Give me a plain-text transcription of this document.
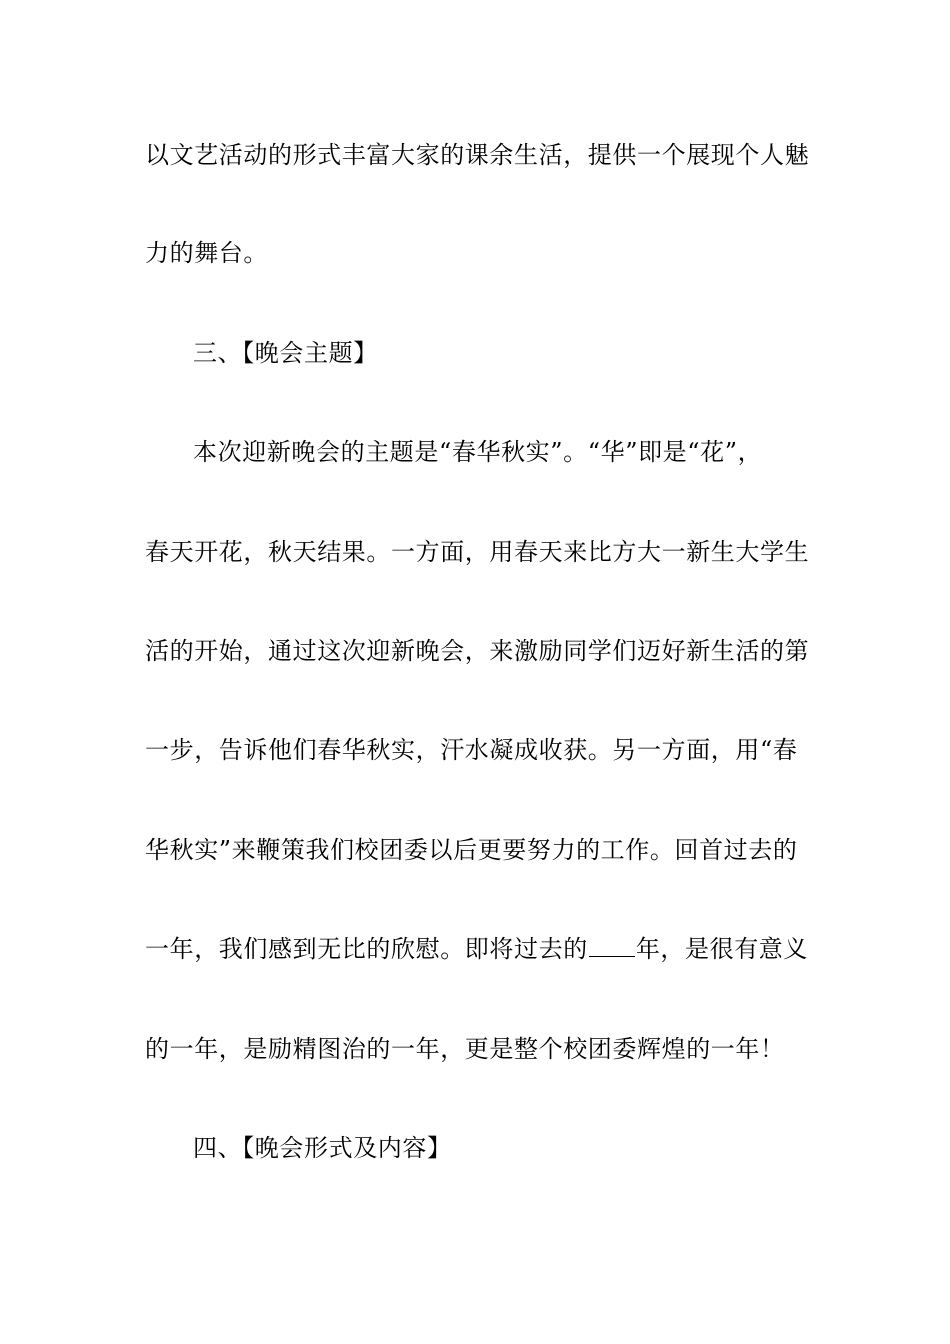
以文艺活动的形式丰富大家的课余生活，提供一个展现个人魅
力的舞台。
三、【晚会主题】
本次迎新晚会的主题是“春华秋实”。“华”即是“花”，
春天开花，秋天结果。一方面，用春天来比方大一新生大学生
活的开始，通过这次迎新晚会，来激励同学们迈好新生活的第
一步，告诉他们春华秋实，汗水凝成收获。另一方面，用“春
华秋实”来鞭策我们校团委以后更要努力的工作。回首过去的
一年，我们感到无比的欣慰。即将过去的 年，是很有意义
的一年，是励精图治的一年，更是整个校团委辉煌的一年！
四、【晚会形式及内容】
